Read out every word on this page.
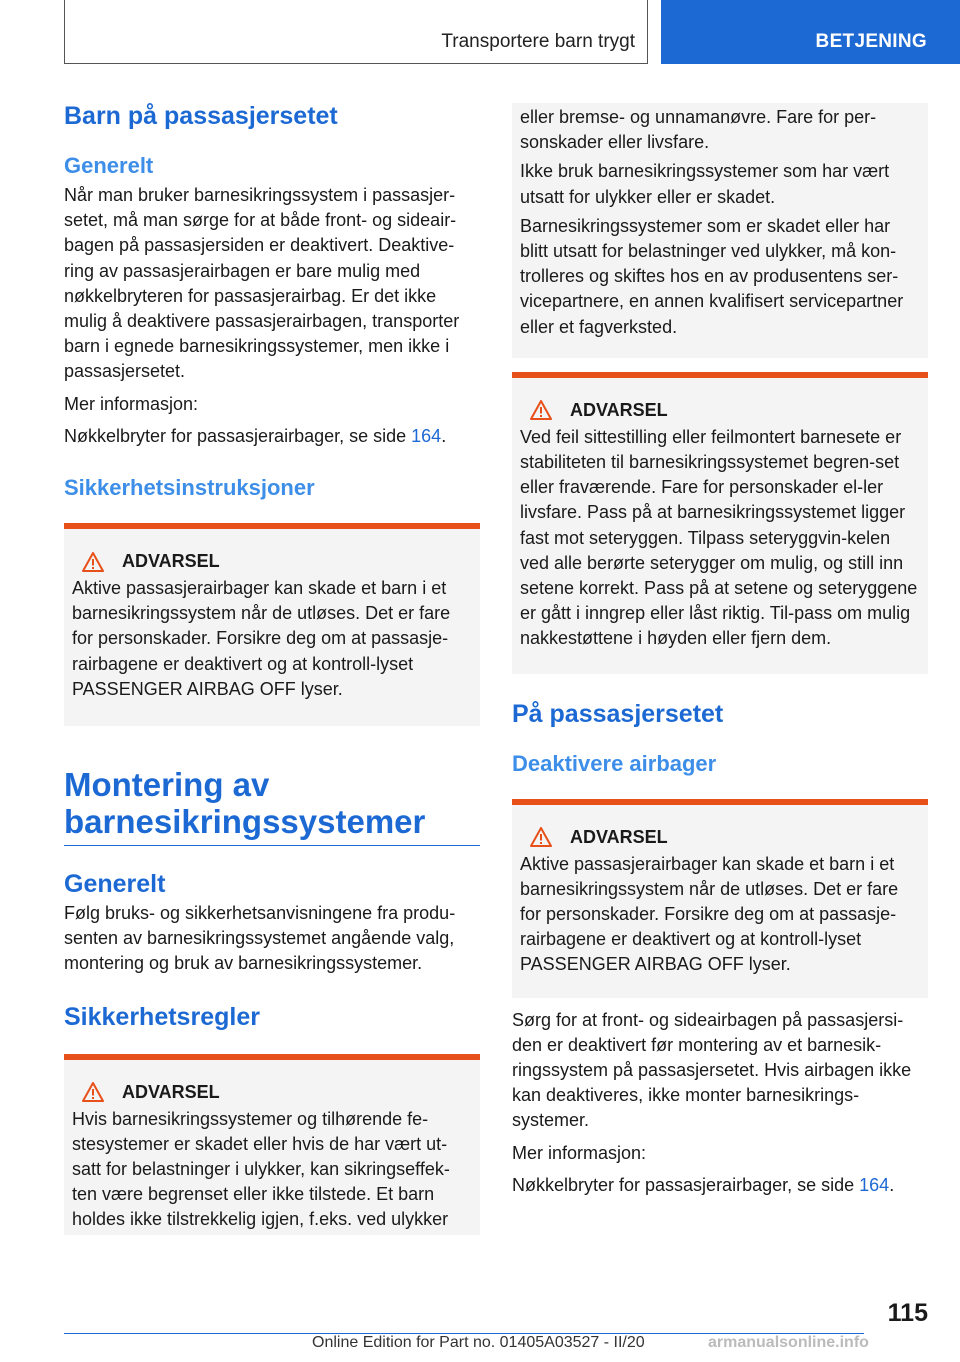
Transportere barn trygt	BETJENING
Barn på passasjersetet
Generelt

Når man bruker barnesikringssystem i passasjer-setet, må man sørge for at både front- og sideair-bagen på passasjersiden er deaktivert. Deaktive-ring av passasjerairbagen er bare mulig med nøkkelbryteren for passasjerairbag. Er det ikke mulig å deaktivere passasjerairbagen, transporter barn i egnede barnesikringssystemer, men ikke i passasjersetet.

Mer informasjon:

Nøkkelbryter for passasjerairbager, se side 164.

Sikkerhetsinstruksjoner
ADVARSEL

Aktive passasjerairbager kan skade et barn i et barnesikringssystem når de utløses. Det er fare for personskader. Forsikre deg om at passasje-rairbagene er deaktivert og at kontroll-lyset PASSENGER AIRBAG OFF lyser.

Montering av
barnesikringssystemer
Generelt

Følg bruks- og sikkerhetsanvisningene fra produ-senten av barnesikringssystemet angående valg, montering og bruk av barnesikringssystemer.

Sikkerhetsregler
ADVARSEL

Hvis barnesikringssystemer og tilhørende fe-stesystemer er skadet eller hvis de har vært ut-satt for belastninger i ulykker, kan sikringseffek-ten være begrenset eller ikke tilstede. Et barn holdes ikke tilstrekkelig igjen, f.eks. ved ulykker

eller bremse- og unnamanøvre. Fare for per-sonskader eller livsfare.

Ikke bruk barnesikringssystemer som har vært utsatt for ulykker eller er skadet.

Barnesikringssystemer som er skadet eller har blitt utsatt for belastninger ved ulykker, må kon-trolleres og skiftes hos en av produsentens ser-vicepartnere, en annen kvalifisert servicepartner eller et fagverksted.

ADVARSEL

Ved feil sittestilling eller feilmontert barnesete er stabiliteten til barnesikringssystemet begren-set eller fraværende. Fare for personskader el-ler livsfare. Pass på at barnesikringssystemet ligger fast mot seteryggen. Tilpass seteryggvin-kelen ved alle berørte seterygger om mulig, og still inn setene korrekt. Pass på at setene og seteryggene er gått i inngrep eller låst riktig. Til-pass om mulig nakkestøttene i høyden eller fjern dem.

På passasjersetet
Deaktivere airbager
ADVARSEL

Aktive passasjerairbager kan skade et barn i et barnesikringssystem når de utløses. Det er fare for personskader. Forsikre deg om at passasje-rairbagene er deaktivert og at kontroll-lyset PASSENGER AIRBAG OFF lyser.

Sørg for at front- og sideairbagen på passasjersi-den er deaktivert før montering av et barnesik-ringssystem på passasjersetet. Hvis airbagen ikke kan deaktiveres, ikke monter barnesikrings-systemer.

Mer informasjon:

Nøkkelbryter for passasjerairbager, se side 164.

115
Online Edition for Part no. 01405A03527 - II/20	armanualsonline.info
